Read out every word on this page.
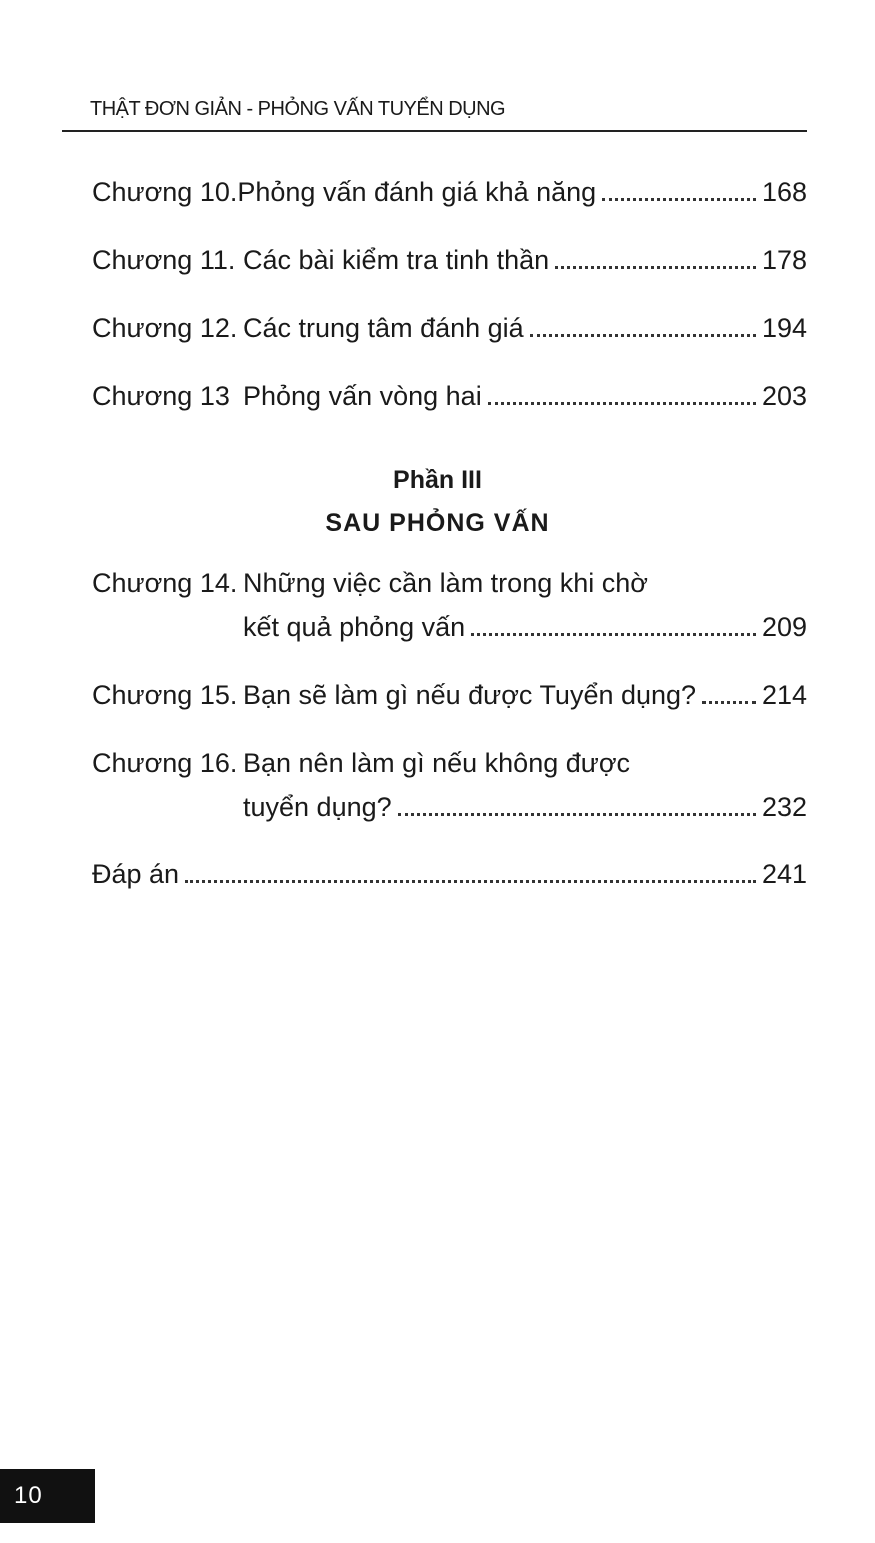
THẬT ĐƠN GIẢN - PHỎNG VẤN TUYỂN DỤNG
Chương 10. Phỏng vấn đánh giá khả năng	168
Chương 11. Các bài kiểm tra tinh thần	178
Chương 12. Các trung tâm đánh giá	194
Chương 13 Phỏng vấn vòng hai	203
Phần III
SAU PHỎNG VẤN
Chương 14. Những việc cần làm trong khi chờ
kết quả phỏng vấn	209
Chương 15. Bạn sẽ làm gì nếu được Tuyển dụng? 214
Chương 16. Bạn nên làm gì nếu không được
tuyển dụng?	232
Đáp án	241
10
